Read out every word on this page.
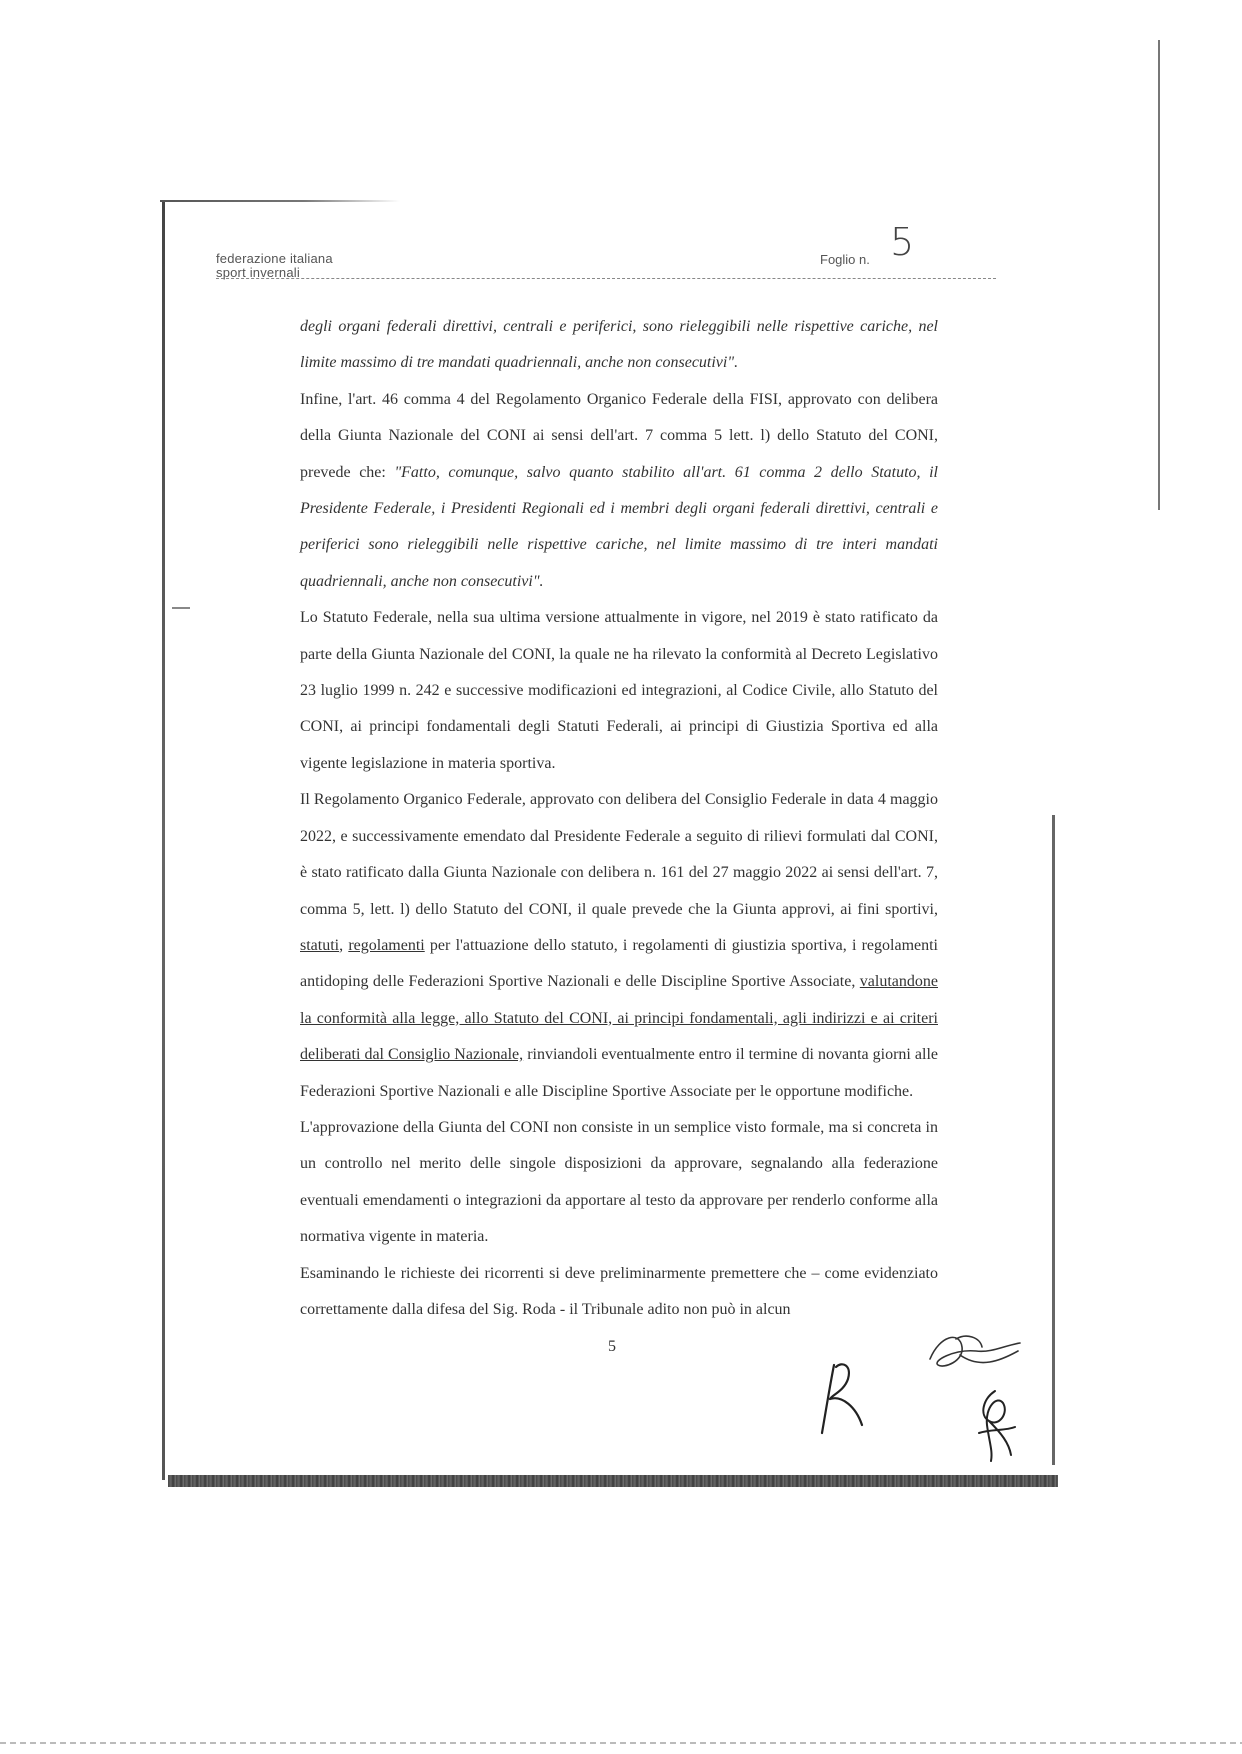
federazione italiana
sport invernali
Foglio n. 5

degli organi federali direttivi, centrali e periferici, sono rieleggibili nelle rispettive cariche, nel limite massimo di tre mandati quadriennali, anche non consecutivi".

Infine, l'art. 46 comma 4 del Regolamento Organico Federale della FISI, approvato con delibera della Giunta Nazionale del CONI ai sensi dell'art. 7 comma 5 lett. l) dello Statuto del CONI, prevede che: "Fatto, comunque, salvo quanto stabilito all'art. 61 comma 2 dello Statuto, il Presidente Federale, i Presidenti Regionali ed i membri degli organi federali direttivi, centrali e periferici sono rieleggibili nelle rispettive cariche, nel limite massimo di tre interi mandati quadriennali, anche non consecutivi".

Lo Statuto Federale, nella sua ultima versione attualmente in vigore, nel 2019 è stato ratificato da parte della Giunta Nazionale del CONI, la quale ne ha rilevato la conformità al Decreto Legislativo 23 luglio 1999 n. 242 e successive modificazioni ed integrazioni, al Codice Civile, allo Statuto del CONI, ai principi fondamentali degli Statuti Federali, ai principi di Giustizia Sportiva ed alla vigente legislazione in materia sportiva.

Il Regolamento Organico Federale, approvato con delibera del Consiglio Federale in data 4 maggio 2022, e successivamente emendato dal Presidente Federale a seguito di rilievi formulati dal CONI, è stato ratificato dalla Giunta Nazionale con delibera n. 161 del 27 maggio 2022 ai sensi dell'art. 7, comma 5, lett. l) dello Statuto del CONI, il quale prevede che la Giunta approvi, ai fini sportivi, statuti, regolamenti per l'attuazione dello statuto, i regolamenti di giustizia sportiva, i regolamenti antidoping delle Federazioni Sportive Nazionali e delle Discipline Sportive Associate, valutandone la conformità alla legge, allo Statuto del CONI, ai principi fondamentali, agli indirizzi e ai criteri deliberati dal Consiglio Nazionale, rinviandoli eventualmente entro il termine di novanta giorni alle Federazioni Sportive Nazionali e alle Discipline Sportive Associate per le opportune modifiche.

L'approvazione della Giunta del CONI non consiste in un semplice visto formale, ma si concreta in un controllo nel merito delle singole disposizioni da approvare, segnalando alla federazione eventuali emendamenti o integrazioni da apportare al testo da approvare per renderlo conforme alla normativa vigente in materia.

Esaminando le richieste dei ricorrenti si deve preliminarmente premettere che – come evidenziato correttamente dalla difesa del Sig. Roda - il Tribunale adito non può in alcun

5
